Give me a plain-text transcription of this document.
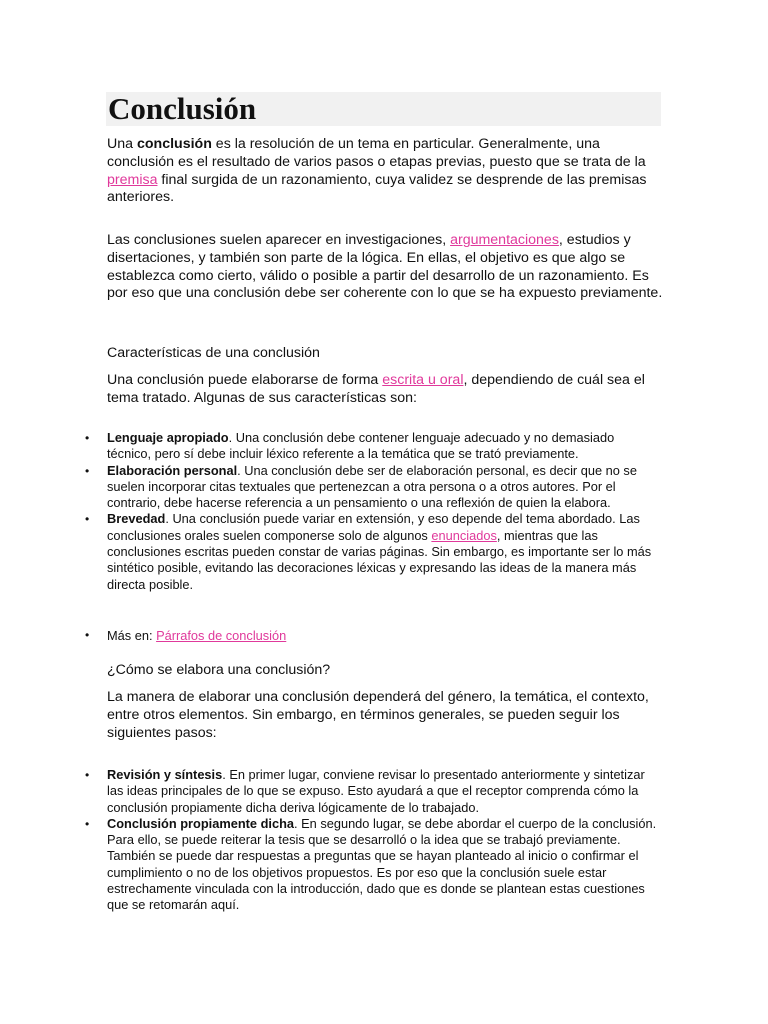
Conclusión

Una conclusión es la resolución de un tema en particular. Generalmente, una conclusión es el resultado de varios pasos o etapas previas, puesto que se trata de la premisa final surgida de un razonamiento, cuya validez se desprende de las premisas anteriores.

Las conclusiones suelen aparecer en investigaciones, argumentaciones, estudios y disertaciones, y también son parte de la lógica. En ellas, el objetivo es que algo se establezca como cierto, válido o posible a partir del desarrollo de un razonamiento. Es por eso que una conclusión debe ser coherente con lo que se ha expuesto previamente.

Características de una conclusión

Una conclusión puede elaborarse de forma escrita u oral, dependiendo de cuál sea el tema tratado. Algunas de sus características son:

• Lenguaje apropiado. Una conclusión debe contener lenguaje adecuado y no demasiado técnico, pero sí debe incluir léxico referente a la temática que se trató previamente.
• Elaboración personal. Una conclusión debe ser de elaboración personal, es decir que no se suelen incorporar citas textuales que pertenezcan a otra persona o a otros autores. Por el contrario, debe hacerse referencia a un pensamiento o una reflexión de quien la elabora.
• Brevedad. Una conclusión puede variar en extensión, y eso depende del tema abordado. Las conclusiones orales suelen componerse solo de algunos enunciados, mientras que las conclusiones escritas pueden constar de varias páginas. Sin embargo, es importante ser lo más sintético posible, evitando las decoraciones léxicas y expresando las ideas de la manera más directa posible.

• Más en: Párrafos de conclusión

¿Cómo se elabora una conclusión?

La manera de elaborar una conclusión dependerá del género, la temática, el contexto, entre otros elementos. Sin embargo, en términos generales, se pueden seguir los siguientes pasos:

• Revisión y síntesis. En primer lugar, conviene revisar lo presentado anteriormente y sintetizar las ideas principales de lo que se expuso. Esto ayudará a que el receptor comprenda cómo la conclusión propiamente dicha deriva lógicamente de lo trabajado.
• Conclusión propiamente dicha. En segundo lugar, se debe abordar el cuerpo de la conclusión. Para ello, se puede reiterar la tesis que se desarrolló o la idea que se trabajó previamente. También se puede dar respuestas a preguntas que se hayan planteado al inicio o confirmar el cumplimiento o no de los objetivos propuestos. Es por eso que la conclusión suele estar estrechamente vinculada con la introducción, dado que es donde se plantean estas cuestiones que se retomarán aquí.
